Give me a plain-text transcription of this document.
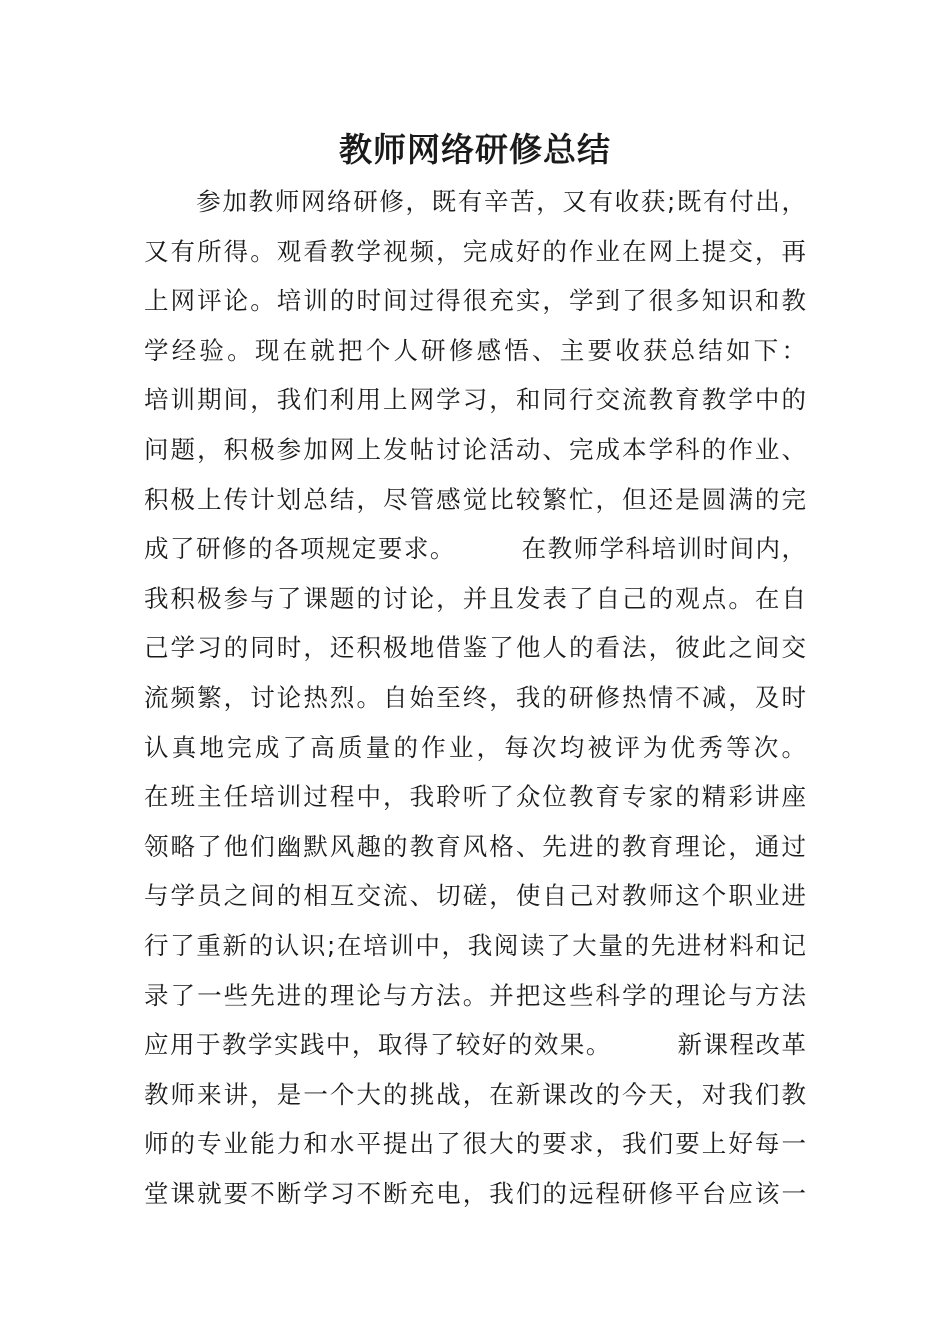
教师网络研修总结
　　参加教师网络研修，既有辛苦，又有收获;既有付出，
又有所得。观看教学视频，完成好的作业在网上提交，再
上网评论。培训的时间过得很充实，学到了很多知识和教
学经验。现在就把个人研修感悟、主要收获总结如下：
培训期间，我们利用上网学习，和同行交流教育教学中的
问题，积极参加网上发帖讨论活动、完成本学科的作业、
积极上传计划总结，尽管感觉比较繁忙，但还是圆满的完
成了研修的各项规定要求。　　　在教师学科培训时间内，
我积极参与了课题的讨论，并且发表了自己的观点。在自
己学习的同时，还积极地借鉴了他人的看法，彼此之间交
流频繁，讨论热烈。自始至终，我的研修热情不减，及时
认真地完成了高质量的作业，每次均被评为优秀等次。
在班主任培训过程中，我聆听了众位教育专家的精彩讲座
领略了他们幽默风趣的教育风格、先进的教育理论，通过
与学员之间的相互交流、切磋，使自己对教师这个职业进
行了重新的认识;在培训中，我阅读了大量的先进材料和记
录了一些先进的理论与方法。并把这些科学的理论与方法
应用于教学实践中，取得了较好的效果。　　　新课程改革
教师来讲，是一个大的挑战，在新课改的今天，对我们教
师的专业能力和水平提出了很大的要求，我们要上好每一
堂课就要不断学习不断充电，我们的远程研修平台应该一
